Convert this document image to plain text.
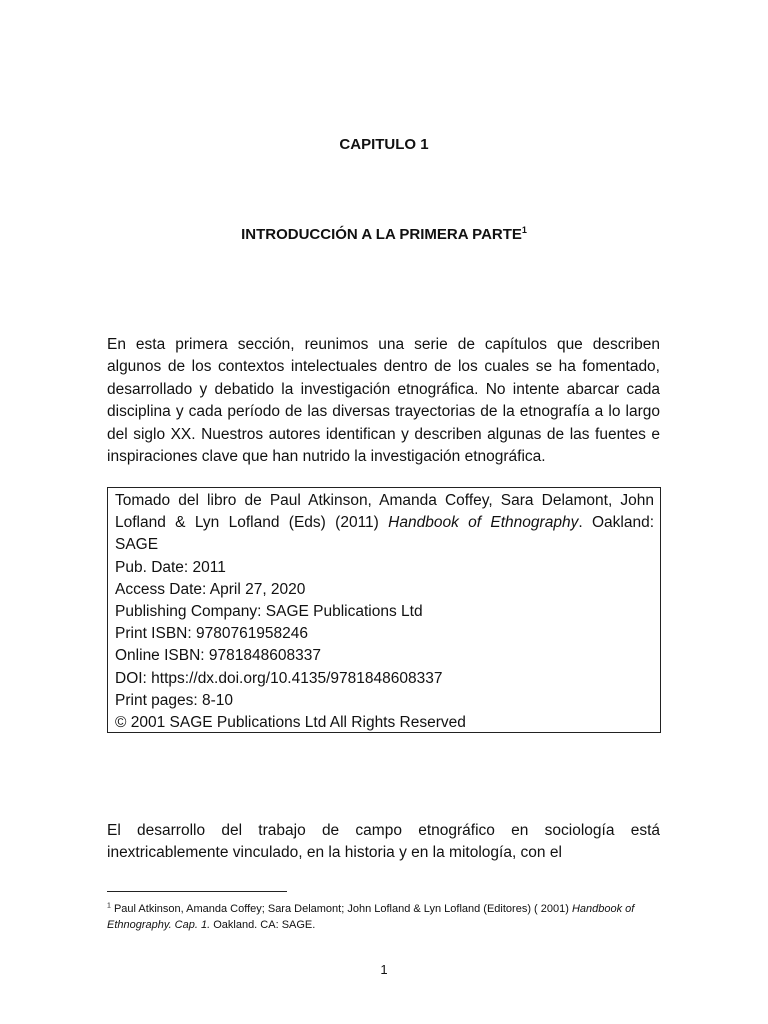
CAPITULO 1
INTRODUCCIÓN A LA PRIMERA PARTE$^1$
En esta primera sección, reunimos una serie de capítulos que describen algunos de los contextos intelectuales dentro de los cuales se ha fomentado, desarrollado y debatido la investigación etnográfica. No intente abarcar cada disciplina y cada período de las diversas trayectorias de la etnografía a lo largo del siglo XX. Nuestros autores identifican y describen algunas de las fuentes e inspiraciones clave que han nutrido la investigación etnográfica.
Tomado del libro de Paul Atkinson, Amanda Coffey, Sara Delamont, John Lofland & Lyn Lofland (Eds) (2011) Handbook of Ethnography. Oakland: SAGE
Pub. Date: 2011
Access Date: April 27, 2020
Publishing Company: SAGE Publications Ltd
Print ISBN: 9780761958246
Online ISBN: 9781848608337
DOI: https://dx.doi.org/10.4135/9781848608337
Print pages: 8-10
© 2001 SAGE Publications Ltd All Rights Reserved
El desarrollo del trabajo de campo etnográfico en sociología está inextricablemente vinculado, en la historia y en la mitología, con el
$^1$ Paul Atkinson, Amanda Coffey; Sara Delamont; John Lofland & Lyn Lofland (Editores) ( 2001) Handbook of Ethnography. Cap. 1. Oakland. CA: SAGE.
1
